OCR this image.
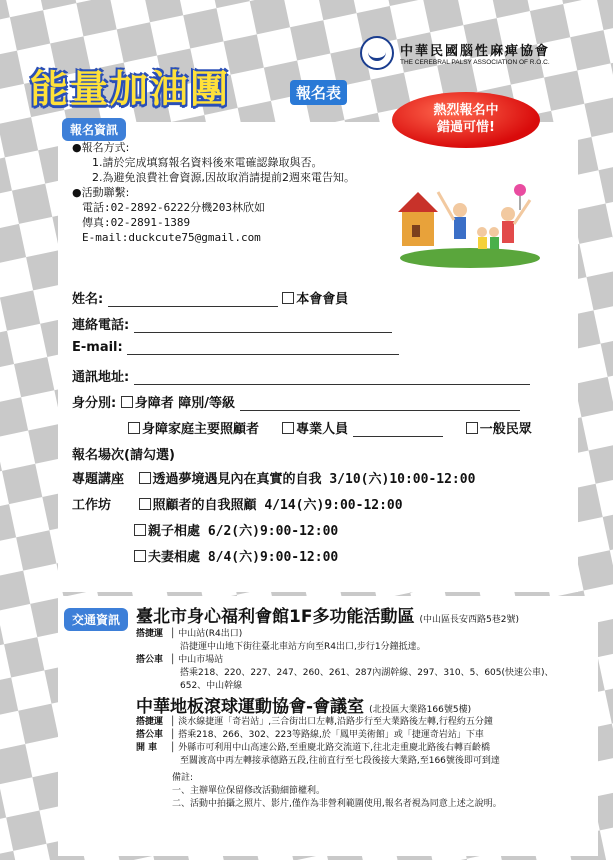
中華民國腦性麻痺協會
THE CEREBRAL PALSY ASSOCIATION OF R.O.C.
能量加油團	報名表
熱烈報名中
錯過可惜!
報名資訊
●報名方式:
1.請於完成填寫報名資料後來電確認錄取與否。
2.為避免浪費社會資源,因故取消請提前2週來電告知。
●活動聯繫:
電話:02-2892-6222分機203林欣如
傳真:02-2891-1389
E-mail:duckcute75@gmail.com
姓名:	本會會員
連絡電話:
E-mail:
通訊地址:
身分別: 身障者 障別/等級
身障家庭主要照顧者	專業人員	一般民眾
報名場次(請勾選)
專題講座 透過夢境遇見內在真實的自我 3/10(六)10:00-12:00
工作坊	照顧者的自我照顧 4/14(六)9:00-12:00
親子相處 6/2(六)9:00-12:00
夫妻相處 8/4(六)9:00-12:00
交通資訊 臺北市身心福利會館1F多功能活動區 (中山區長安西路5巷2號)
搭捷運 │ 中山站(R4出口)
沿捷運中山地下街往臺北車站方向至R4出口,步行1分鐘抵達。
搭公車 │ 中山市場站
搭乘218、220、227、247、260、261、287內湖幹線、297、310、5、605(快速公車)、
652、中山幹線
中華地板滾球運動協會-會議室 (北投區大業路166號5樓)
搭捷運 │ 淡水線捷運「奇岩站」,三合街出口左轉,沿路步行至大業路後左轉,行程約五分鐘
搭公車 │ 搭乘218、266、302、223等路線,於「鳳甲美術館」或「捷運奇岩站」下車
開 車 │ 外縣市可利用中山高速公路,至重慶北路交流道下,往北走重慶北路後右轉百齡橋
至關渡高中再左轉接承德路五段,往前直行至七段後接大業路,至166號後即可到達
備註:
一、主辦單位保留修改活動細節權利。
二、活動中拍攝之照片、影片,僅作為非營利範圍使用,報名者視為同意上述之說明。
